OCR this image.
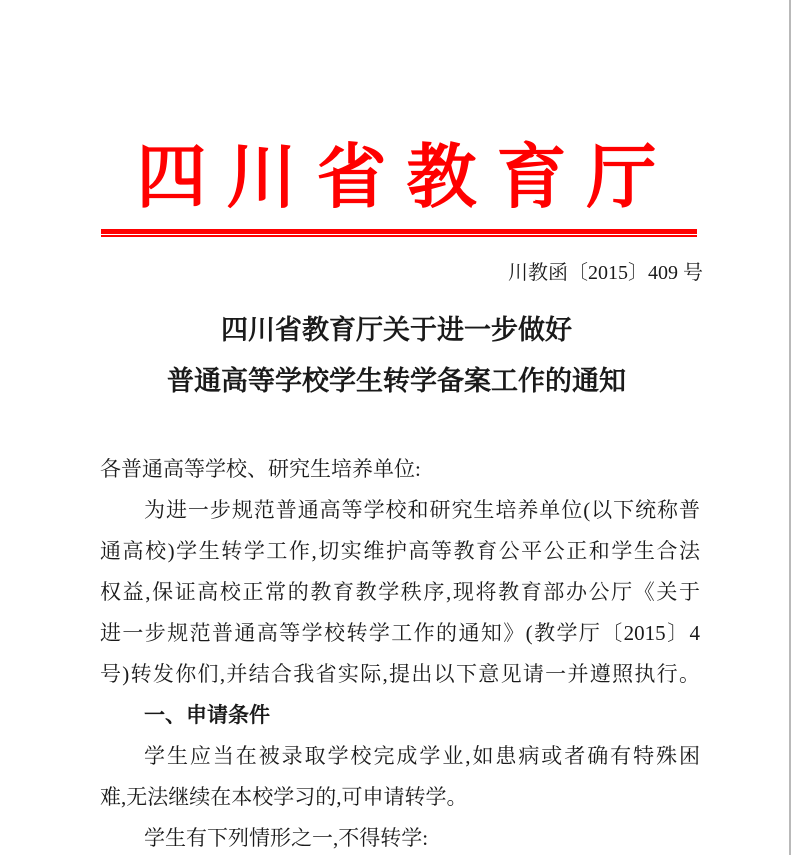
四川省教育厅
川教函〔2015〕409 号
四川省教育厅关于进一步做好
普通高等学校学生转学备案工作的通知
各普通高等学校、研究生培养单位:
为进一步规范普通高等学校和研究生培养单位(以下统称普
通高校)学生转学工作,切实维护高等教育公平公正和学生合法
权益,保证高校正常的教育教学秩序,现将教育部办公厅《关于
进一步规范普通高等学校转学工作的通知》(教学厅〔2015〕4
号)转发你们,并结合我省实际,提出以下意见请一并遵照执行。
一、申请条件
学生应当在被录取学校完成学业,如患病或者确有特殊困
难,无法继续在本校学习的,可申请转学。
学生有下列情形之一,不得转学:
